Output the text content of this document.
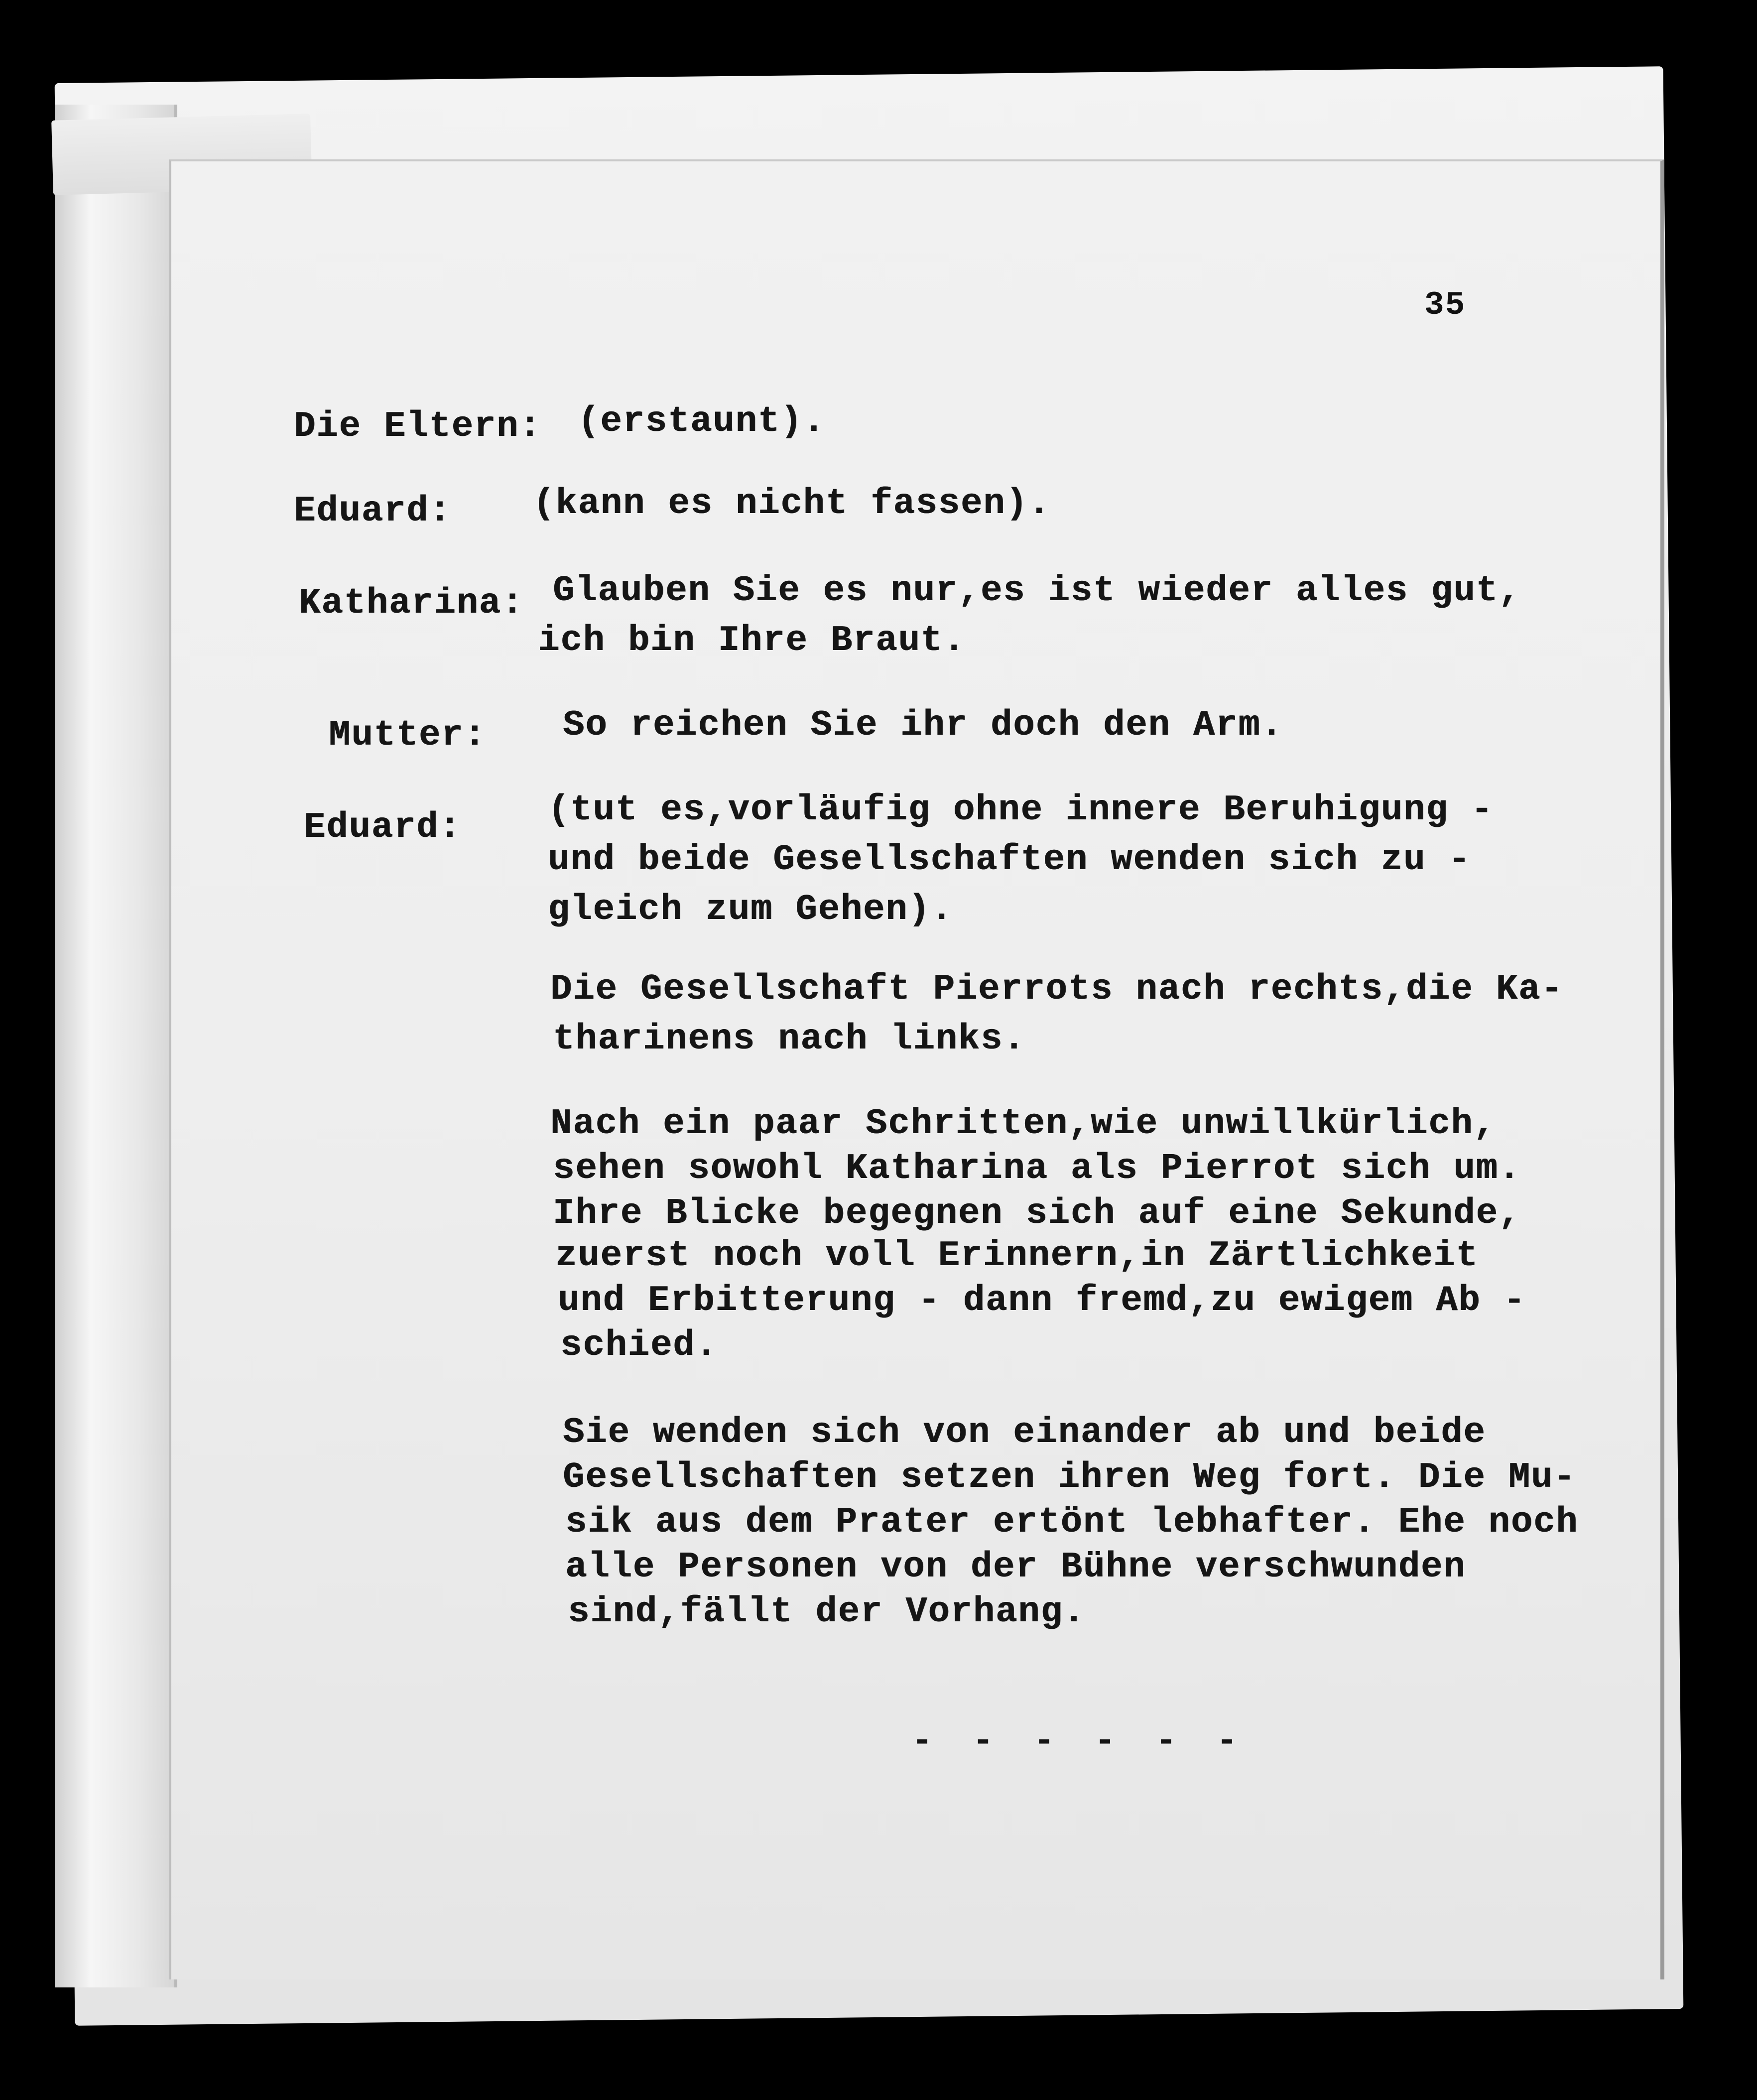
35
Die Eltern: (erstaunt).
Eduard: (kann es nicht fassen).
Katharina: Glauben Sie es nur,es ist wieder alles gut,
ich bin Ihre Braut.
Mutter: So reichen Sie ihr doch den Arm.
Eduard: (tut es,vorläufig ohne innere Beruhigung -
und beide Gesellschaften wenden sich zu -
gleich zum Gehen).
Die Gesellschaft Pierrots nach rechts,die Ka-
tharinens nach links.
Nach ein paar Schritten,wie unwillkürlich,
sehen sowohl Katharina als Pierrot sich um.
Ihre Blicke begegnen sich auf eine Sekunde,
zuerst noch voll Erinnern,in Zärtlichkeit
und Erbitterung - dann fremd,zu ewigem Ab -
schied.
Sie wenden sich von einander ab und beide
Gesellschaften setzen ihren Weg fort. Die Mu-
sik aus dem Prater ertönt lebhafter. Ehe noch
alle Personen von der Bühne verschwunden
sind,fällt der Vorhang.
- - - - - -
